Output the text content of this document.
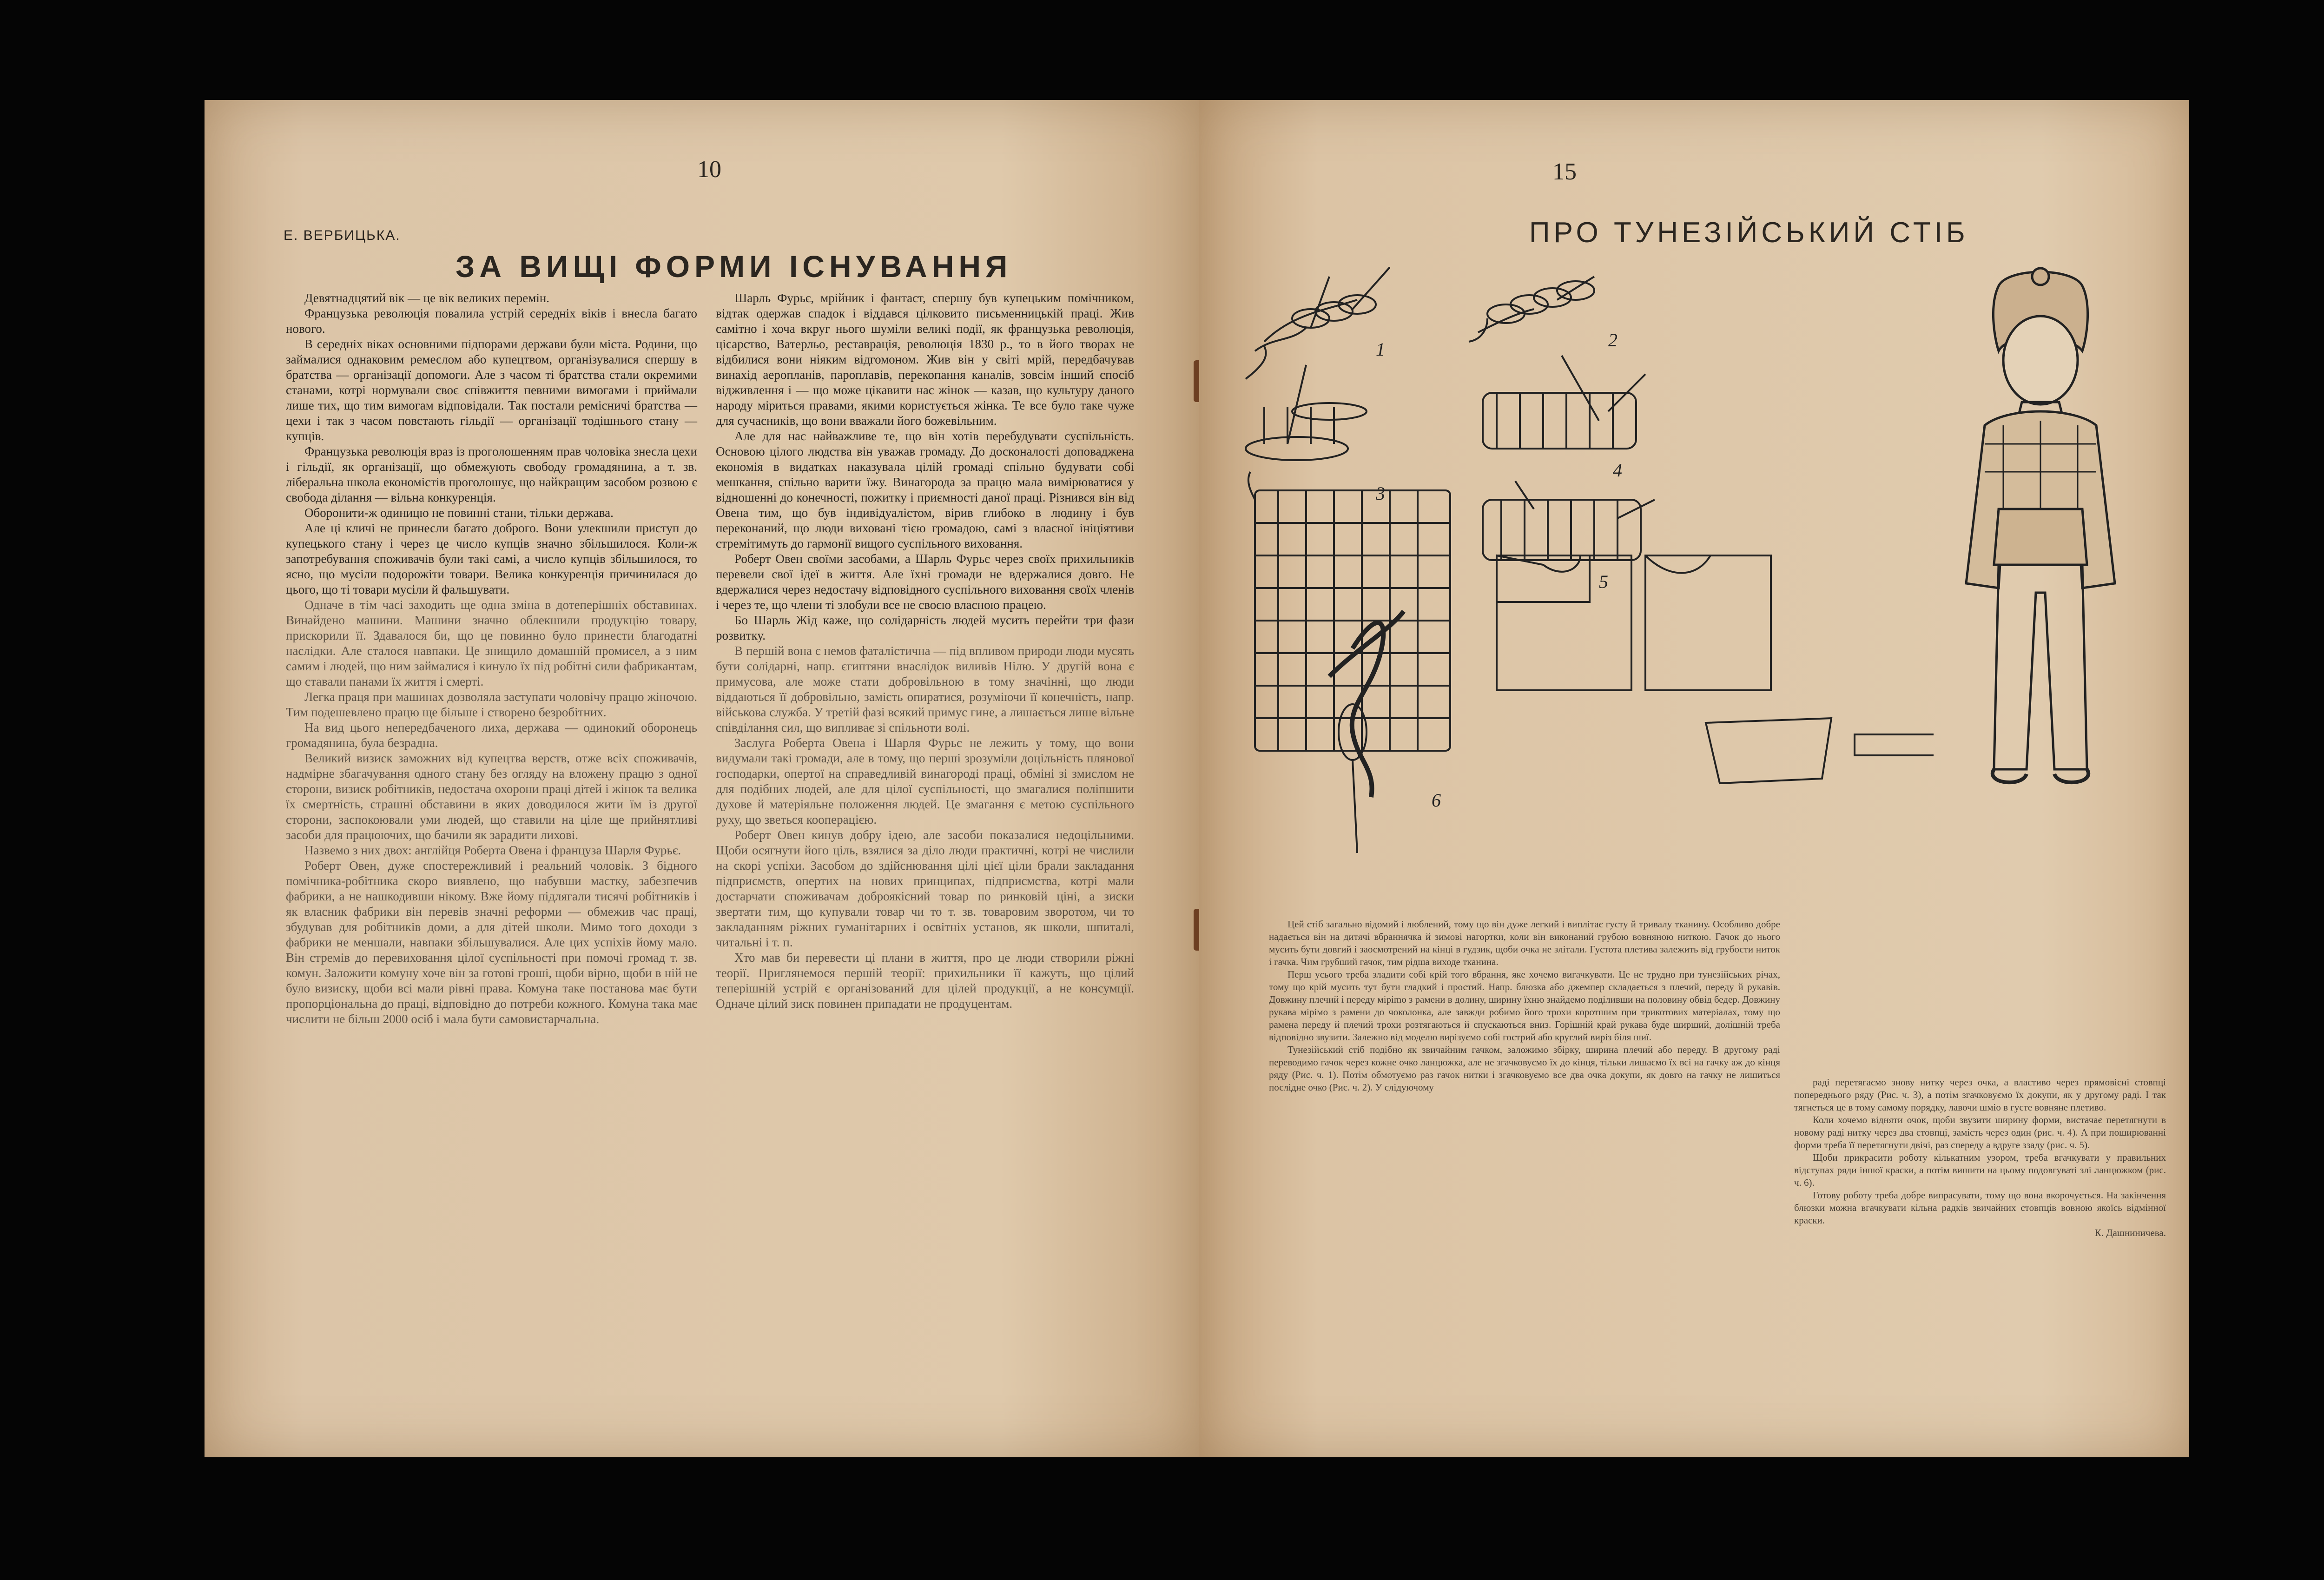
10
Е. ВЕРБИЦЬКА.
ЗА ВИЩІ ФОРМИ ІСНУВАННЯ

Девятнадцятий вік — це вік великих перемін.

Французька революція повалила устрій середніх віків і внесла багато нового.

В середніх віках основними підпорами держави були міста. Родини, що займалися однаковим ремеслом або купецтвом, організувалися спершу в братства — організації допомоги. Але з часом ті братства стали окремими станами, котрі нормували своє співжиття певними вимогами і приймали лише тих, що тим вимогам відповідали. Так постали ремісничі братства — цехи і так з часом повстають гільдії — організації тодішнього стану — купців.

Французька революція враз із проголошенням прав чоловіка знесла цехи і гільдії, як організації, що обмежують свободу громадянина, а т. зв. ліберальна школа економістів проголошує, що найкращим засобом розвою є свобода ділання — вільна конкуренція.

Оборонити-ж одиницю не повинні стани, тільки держава.

Але ці кличі не принесли багато доброго. Вони улекшили приступ до купецького стану і через це число купців значно збільшилося. Коли-ж запотребування споживачів були такі самі, а число купців збільшилося, то ясно, що мусіли подорожіти товари. Велика конкуренція причинилася до цього, що ті товари мусіли й фальшувати.

Одначе в тім часі заходить ще одна зміна в дотеперішніх обставинах. Винайдено машини. Машини значно облекшили продукцію товару, прискорили її. Здавалося би, що це повинно було принести благодатні наслідки. Але сталося навпаки. Це знищило домашній промисел, а з ним самим і людей, що ним займалися і кинуло їх під робітні сили фабрикантам, що ставали панами їх життя і смерті.

Легка праця при машинах дозволяла заступати чоловічу працю жіночою. Тим подешевлено працю ще більше і створено безробітних.

На вид цього непередбаченого лиха, держава — одинокий оборонець громадянина, була безрадна.

Великий визиск заможних від купецтва верств, отже всіх споживачів, надмірне збагачування одного стану без огляду на вложену працю з одної сторони, визиск робітників, недостача охорони праці дітей і жінок та велика їх смертність, страшні обставини в яких доводилося жити їм із другої сторони, заспокоювали уми людей, що ставили на ціле ще прийнятливі засоби для працюючих, що бачили як зарадити лихові.

Назвемо з них двох: англійця Роберта Овена і француза Шарля Фурьє.

Роберт Овен, дуже спостережливий і реальний чоловік. З бідного помічника-робітника скоро виявлено, що набувши маєтку, забезпечив фабрики, а не нашкодивши нікому. Вже йому підлягали тисячі робітників і як власник фабрики він перевів значні реформи — обмежив час праці, збудував для робітників доми, а для дітей школи. Мимо того доходи з фабрики не меншали, навпаки збільшувалися. Але цих успіхів йому мало. Він стремів до перевиховання цілої суспільності при помочі громад т. зв. комун. Заложити комуну хоче він за готові гроші, щоби вірно, щоби в ній не було визиску, щоби всі мали рівні права. Комуна таке постанова має бути пропорціональна до праці, відповідно до потреби кожного. Комуна така має числити не більш 2000 осіб і мала бути самовистарчальна.

Шарль Фурьє, мрійник і фантаст, спершу був купецьким помічником, відтак одержав спадок і віддався цілковито письменницькій праці. Жив самітно і хоча вкруг нього шуміли великі події, як французька революція, цісарство, Ватерльо, реставрація, революція 1830 р., то в його творах не відбилися вони ніяким відгомоном. Жив він у світі мрій, передбачував винахід аеропланів, пароплавів, перекопання каналів, зовсім інший спосіб відживлення і — що може цікавити нас жінок — казав, що культуру даного народу міриться правами, якими користується жінка. Те все було таке чуже для сучасників, що вони вважали його божевільним.

Але для нас найважливе те, що він хотів перебудувати суспільність. Основою цілого людства він уважав громаду. До досконалості доповаджена економія в видатках наказувала цілій громаді спільно будувати собі мешкання, спільно варити їжу. Винагорода за працю мала вимірюватися у відношенні до конечності, пожитку і приємності даної праці. Різнився він від Овена тим, що був індивідуалістом, вірив глибоко в людину і був переконаний, що люди виховані тією громадою, самі з власної ініціятиви стремітимуть до гармонії вищого суспільного виховання.

Роберт Овен своїми засобами, а Шарль Фурьє через своїх прихильників перевели свої ідеї в життя. Але їхні громади не вдержалися довго. Не вдержалися через недостачу відповідного суспільного виховання своїх членів і через те, що члени ті злобули все не своєю власною працею.

Бо Шарль Жід каже, що солідарність людей мусить перейти три фази розвитку.

В першій вона є немов фаталістична — під впливом природи люди мусять бути солідарні, напр. єгиптяни внаслідок виливів Нілю. У другій вона є примусова, але може стати добровільною в тому значінні, що люди віддаються її добровільно, замість опиратися, розуміючи її конечність, напр. військова служба. У третій фазі всякий примус гине, а лишається лише вільне співділання сил, що випливає зі спільноти волі.

Заслуга Роберта Овена і Шарля Фурьє не лежить у тому, що вони видумали такі громади, але в тому, що перші зрозуміли доцільність плянової господарки, опертої на справедливій винагороді праці, обміні зі змислом не для подібних людей, але для цілої суспільності, що змагалися поліпшити духове й матеріяльне положення людей. Це змагання є метою суспільного руху, що зветься кооперацією.

Роберт Овен кинув добру ідею, але засоби показалися недоцільними. Щоби осягнути його ціль, взялися за діло люди практичні, котрі не числили на скорі успіхи. Засобом до здійснювання цілі цієї ціли брали закладання підприємств, опертих на нових принципах, підприємства, котрі мали достарчати споживачам доброякісний товар по ринковій ціні, а зиски звертати тим, що купували товар чи то т. зв. товаровим зворотом, чи то закладанням ріжних гуманітарних і освітніх установ, як школи, шпиталі, читальні і т. п.

Хто мав би перевести ці плани в життя, про це люди створили ріжні теорії. Приглянемося першій теорії: прихильники її кажуть, що цілий теперішній устрій є організований для цілей продукції, а не консумції. Одначе цілий зиск повинен припадати не продуцентам.

15
ПРО ТУНЕЗІЙСЬКИЙ СТІБ
1	2
3
4
5
6

Цей стіб загально відомий і люблений, тому що він дуже легкий і виплітає густу й тривалу тканину. Особливо добре надається він на дитячі вбраннячка й зимові нагортки, коли він виконаний грубою вовняною ниткою. Гачок до нього мусить бути довгий і заосмотрений на кінці в гудзик, щоби очка не злітали. Густота плетива залежить від грубости ниток і гачка. Чим грубший гачок, тим рідша виходе тканина.

Перш усього треба зладити собі крій того вбрання, яке хочемо вигачкувати. Це не трудно при тунезійських річах, тому що крій мусить тут бути гладкий і простий. Напр. блюзка або джемпер складається з плечий, переду й рукавів. Довжину плечий і переду мірimо з рамени в долину, ширину їхню знайдемо поділивши на половину обвід бедер. Довжину рукава мірімо з рамени до чоколонка, але завжди робимо його трохи коротшим при трикотових матеріалах, тому що рамена переду й плечий трохи розтягаються й спускаються вниз. Горішній край рукава буде ширший, долішній треба відповідно звузити. Залежно від моделю вирізуємо собі гострий або круглий виріз біля шиї.

Тунезійський стіб подібно як звичайним гачком, заложимо збірку, ширина плечий або переду. В другому раді переводимо гачок через кожне очко ланцюжка, але не згачковуємо їх до кінця, тільки лишаємо їх всі на гачку аж до кінця ряду (Рис. ч. 1). Потім обмотуємо раз гачок нитки і згачковуємо все два очка докупи, як довго на гачку не лишиться послідне очко (Рис. ч. 2). У слідуючому	раді перетягаємо знову нитку через очка, а властиво через прямовісні стовпці попереднього ряду (Рис. ч. 3), а потім згачковуємо їх докупи, як у другому раді. І так тягнеться це в тому самому порядку, лавочи шміо в густе вовняне плетиво.

Коли хочемо відняти очок, щоби звузити ширину форми, вистачає перетягнути в новому раді нитку через два стовпці, замість через один (рис. ч. 4). А при поширюванні форми треба її перетягнути двічі, раз спереду а вдруге ззаду (рис. ч. 5).

Щоби прикрасити роботу кількатним узором, треба вгачкувати у правильних відступах ряди іншої краски, а потім вишити на цьому подовгуваті злі ланцюжком (рис. ч. 6).

Готову роботу треба добре випрасувати, тому що вона вкорочується. На закінчення блюзки можна вгачкувати кільна радків звичайних стовпців вовною якоїсь відмінної краски.

К. Дашниничева.
